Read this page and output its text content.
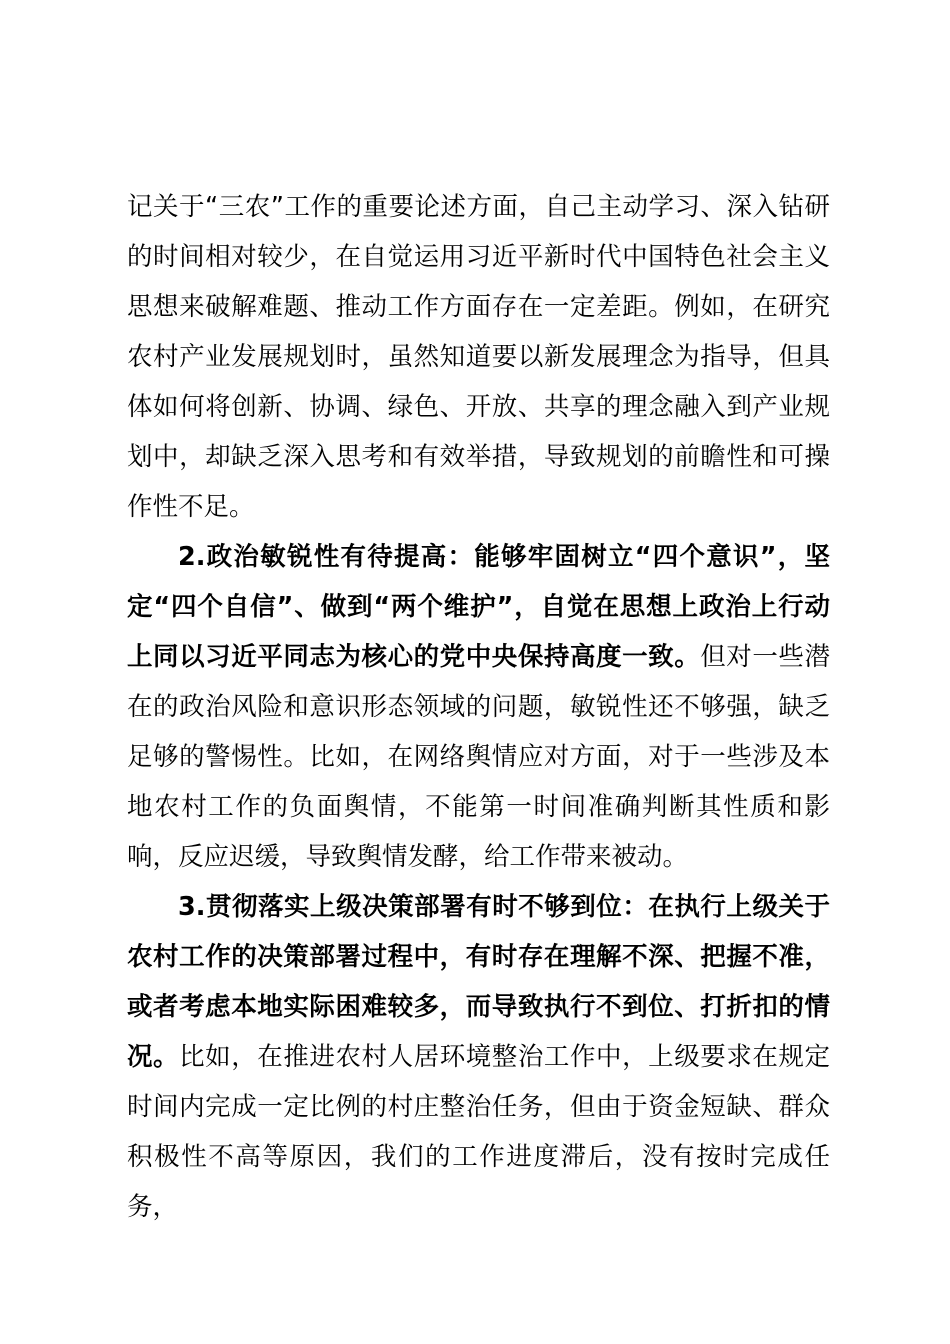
记关于“三农”工作的重要论述方面，自己主动学习、深入钻研的时间相对较少，在自觉运用习近平新时代中国特色社会主义思想来破解难题、推动工作方面存在一定差距。例如，在研究农村产业发展规划时，虽然知道要以新发展理念为指导，但具体如何将创新、协调、绿色、开放、共享的理念融入到产业规划中，却缺乏深入思考和有效举措，导致规划的前瞻性和可操作性不足。

2.政治敏锐性有待提高：能够牢固树立“四个意识”，坚定“四个自信”、做到“两个维护”，自觉在思想上政治上行动上同以习近平同志为核心的党中央保持高度一致。但对一些潜在的政治风险和意识形态领域的问题，敏锐性还不够强，缺乏足够的警惕性。比如，在网络舆情应对方面，对于一些涉及本地农村工作的负面舆情，不能第一时间准确判断其性质和影响，反应迟缓，导致舆情发酵，给工作带来被动。

3.贯彻落实上级决策部署有时不够到位：在执行上级关于农村工作的决策部署过程中，有时存在理解不深、把握不准，或者考虑本地实际困难较多，而导致执行不到位、打折扣的情况。比如，在推进农村人居环境整治工作中，上级要求在规定时间内完成一定比例的村庄整治任务，但由于资金短缺、群众积极性不高等原因，我们的工作进度滞后，没有按时完成任务，
